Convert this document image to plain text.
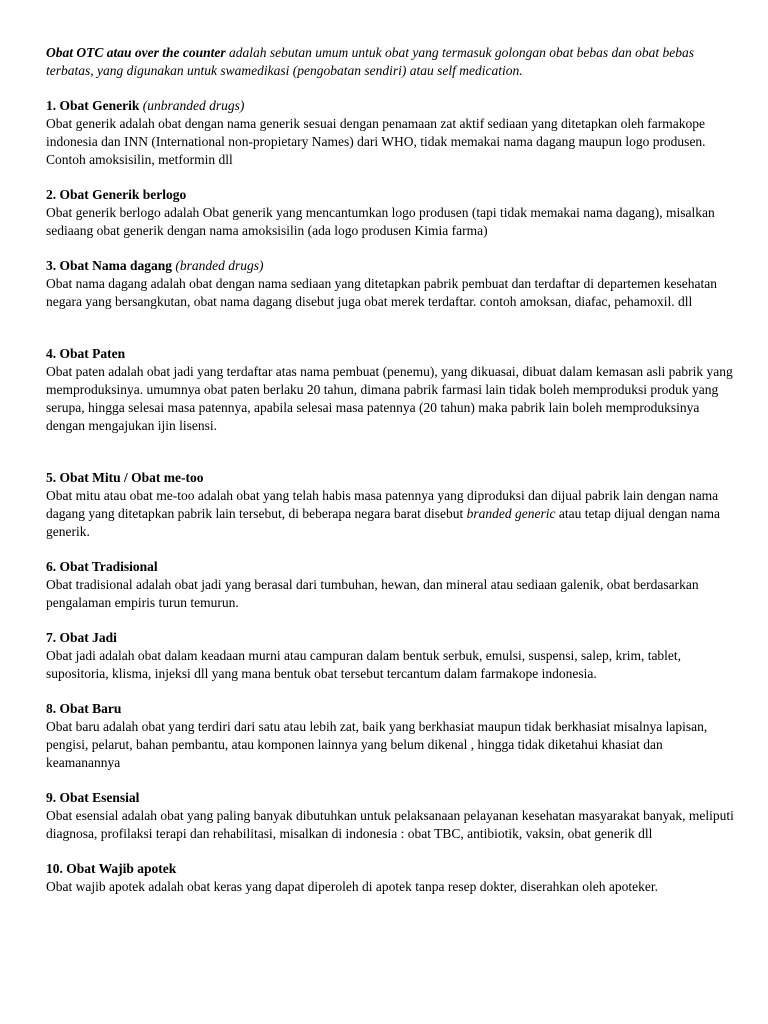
Obat OTC atau over the counter adalah sebutan umum untuk obat yang termasuk golongan obat bebas dan obat bebas terbatas, yang digunakan untuk swamedikasi (pengobatan sendiri) atau self medication.

1. Obat Generik (unbranded drugs)
Obat generik adalah obat dengan nama generik sesuai dengan penamaan zat aktif sediaan yang ditetapkan oleh farmakope indonesia dan INN (International non-propietary Names) dari WHO, tidak memakai nama dagang maupun logo produsen. Contoh amoksisilin, metformin dll
2. Obat Generik berlogo
Obat generik berlogo adalah Obat generik yang mencantumkan logo produsen (tapi tidak memakai nama dagang), misalkan sediaang obat generik dengan nama amoksisilin (ada logo produsen Kimia farma)
3. Obat Nama dagang (branded drugs)
Obat nama dagang adalah obat dengan nama sediaan yang ditetapkan pabrik pembuat dan terdaftar di departemen kesehatan negara yang bersangkutan, obat nama dagang disebut juga obat merek terdaftar. contoh amoksan, diafac, pehamoxil. dll
4. Obat Paten
Obat paten adalah obat jadi yang terdaftar atas nama pembuat (penemu), yang dikuasai, dibuat dalam kemasan asli pabrik yang memproduksinya. umumnya obat paten berlaku 20 tahun, dimana pabrik farmasi lain tidak boleh memproduksi produk yang serupa, hingga selesai masa patennya, apabila selesai masa patennya (20 tahun) maka pabrik lain boleh memproduksinya dengan mengajukan ijin lisensi.
5. Obat Mitu / Obat me-too
Obat mitu atau obat me-too adalah obat yang telah habis masa patennya yang diproduksi dan dijual pabrik lain dengan nama dagang yang ditetapkan pabrik lain tersebut, di beberapa negara barat disebut branded generic atau tetap dijual dengan nama generik.
6. Obat Tradisional
Obat tradisional adalah obat jadi yang berasal dari tumbuhan, hewan, dan mineral atau sediaan galenik, obat berdasarkan pengalaman empiris turun temurun.
7. Obat Jadi
Obat jadi adalah obat dalam keadaan murni atau campuran dalam bentuk serbuk, emulsi, suspensi, salep, krim, tablet, supositoria, klisma, injeksi dll yang mana bentuk obat tersebut tercantum dalam farmakope indonesia.
8. Obat Baru
Obat baru adalah obat yang terdiri dari satu atau lebih zat, baik yang berkhasiat maupun tidak berkhasiat misalnya lapisan, pengisi, pelarut, bahan pembantu, atau komponen lainnya yang belum dikenal , hingga tidak diketahui khasiat dan keamanannya
9. Obat Esensial
Obat esensial adalah obat yang paling banyak dibutuhkan untuk pelaksanaan pelayanan kesehatan masyarakat banyak, meliputi diagnosa, profilaksi terapi dan rehabilitasi, misalkan di indonesia : obat TBC, antibiotik, vaksin, obat generik dll
10. Obat Wajib apotek
Obat wajib apotek adalah obat keras yang dapat diperoleh di apotek tanpa resep dokter, diserahkan oleh apoteker.
